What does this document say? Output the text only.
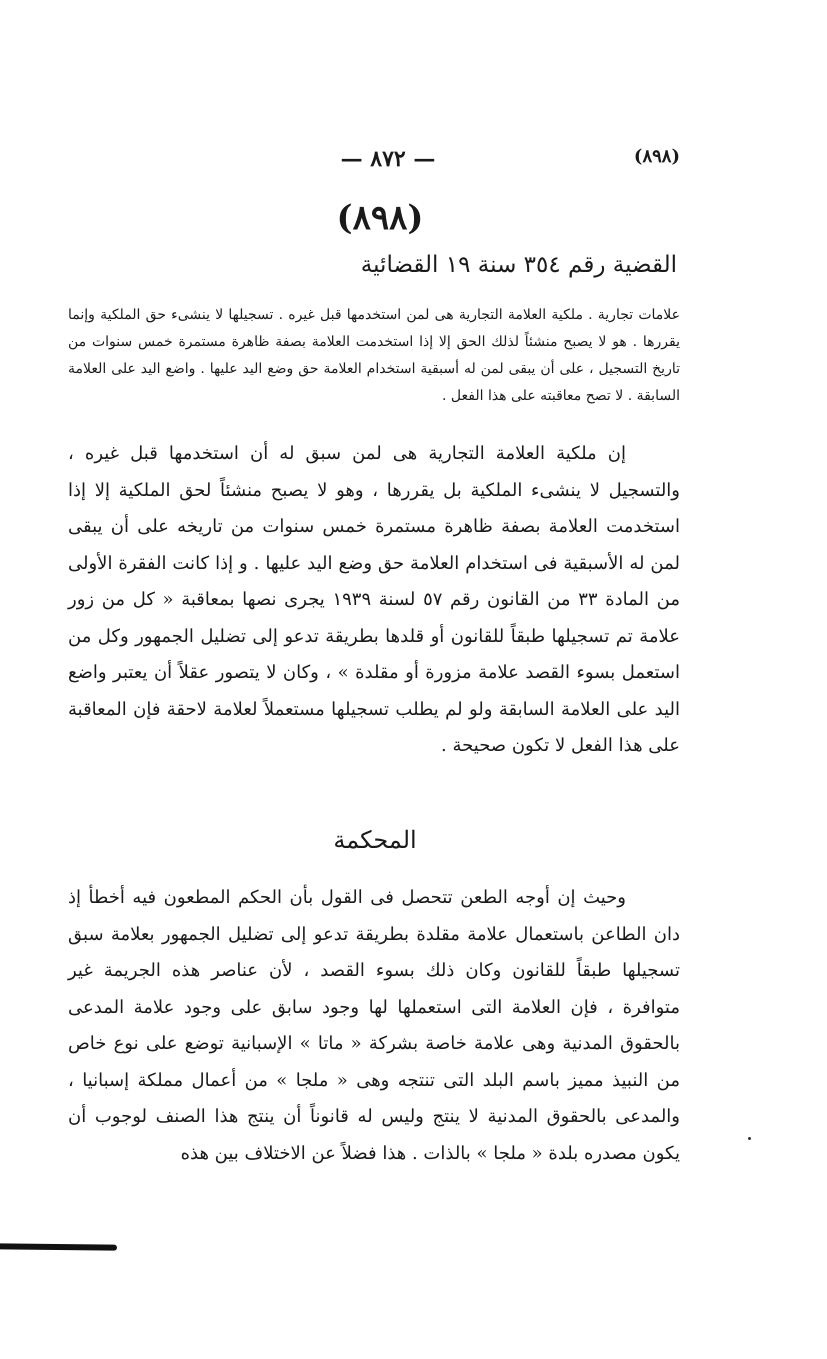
— ٨٧٢ —	(٨٩٨)
(٨٩٨)
القضية رقم ٣٥٤ سنة ١٩ القضائية
علامات تجارية . ملكية العلامة التجارية هى لمن استخدمها قبل غيره . تسجيلها لا ينشىء حق الملكية وإنما يقررها . هو لا يصبح منشئاً لذلك الحق إلا إذا استخدمت العلامة بصفة ظاهرة مستمرة خمس سنوات من تاريخ التسجيل ، على أن يبقى لمن له أسبقية استخدام العلامة حق وضع اليد عليها . واضع اليد على العلامة السابقة . لا تصح معاقبته على هذا الفعل .
إن ملكية العلامة التجارية هى لمن سبق له أن استخدمها قبل غيره ، والتسجيل لا ينشىء الملكية بل يقررها ، وهو لا يصبح منشئاً لحق الملكية إلا إذا استخدمت العلامة بصفة ظاهرة مستمرة خمس سنوات من تاريخه على أن يبقى لمن له الأسبقية فى استخدام العلامة حق وضع اليد عليها . و إذا كانت الفقرة الأولى من المادة ٣٣ من القانون رقم ٥٧ لسنة ١٩٣٩ يجرى نصها بمعاقبة « كل من زور علامة تم تسجيلها طبقاً للقانون أو قلدها بطريقة تدعو إلى تضليل الجمهور وكل من استعمل بسوء القصد علامة مزورة أو مقلدة » ، وكان لا يتصور عقلاً أن يعتبر واضع اليد على العلامة السابقة ولو لم يطلب تسجيلها مستعملاً لعلامة لاحقة فإن المعاقبة على هذا الفعل لا تكون صحيحة .
المحكمة
وحيث إن أوجه الطعن تتحصل فى القول بأن الحكم المطعون فيه أخطأ إذ دان الطاعن باستعمال علامة مقلدة بطريقة تدعو إلى تضليل الجمهور بعلامة سبق تسجيلها طبقاً للقانون وكان ذلك بسوء القصد ، لأن عناصر هذه الجريمة غير متوافرة ، فإن العلامة التى استعملها لها وجود سابق على وجود علامة المدعى بالحقوق المدنية وهى علامة خاصة بشركة « ماتا » الإسبانية توضع على نوع خاص من النبيذ مميز باسم البلد التى تنتجه وهى « ملجا » من أعمال مملكة إسبانيا ، والمدعى بالحقوق المدنية لا ينتج وليس له قانوناً أن ينتج هذا الصنف لوجوب أن يكون مصدره بلدة « ملجا » بالذات . هذا فضلاً عن الاختلاف بين هذه
